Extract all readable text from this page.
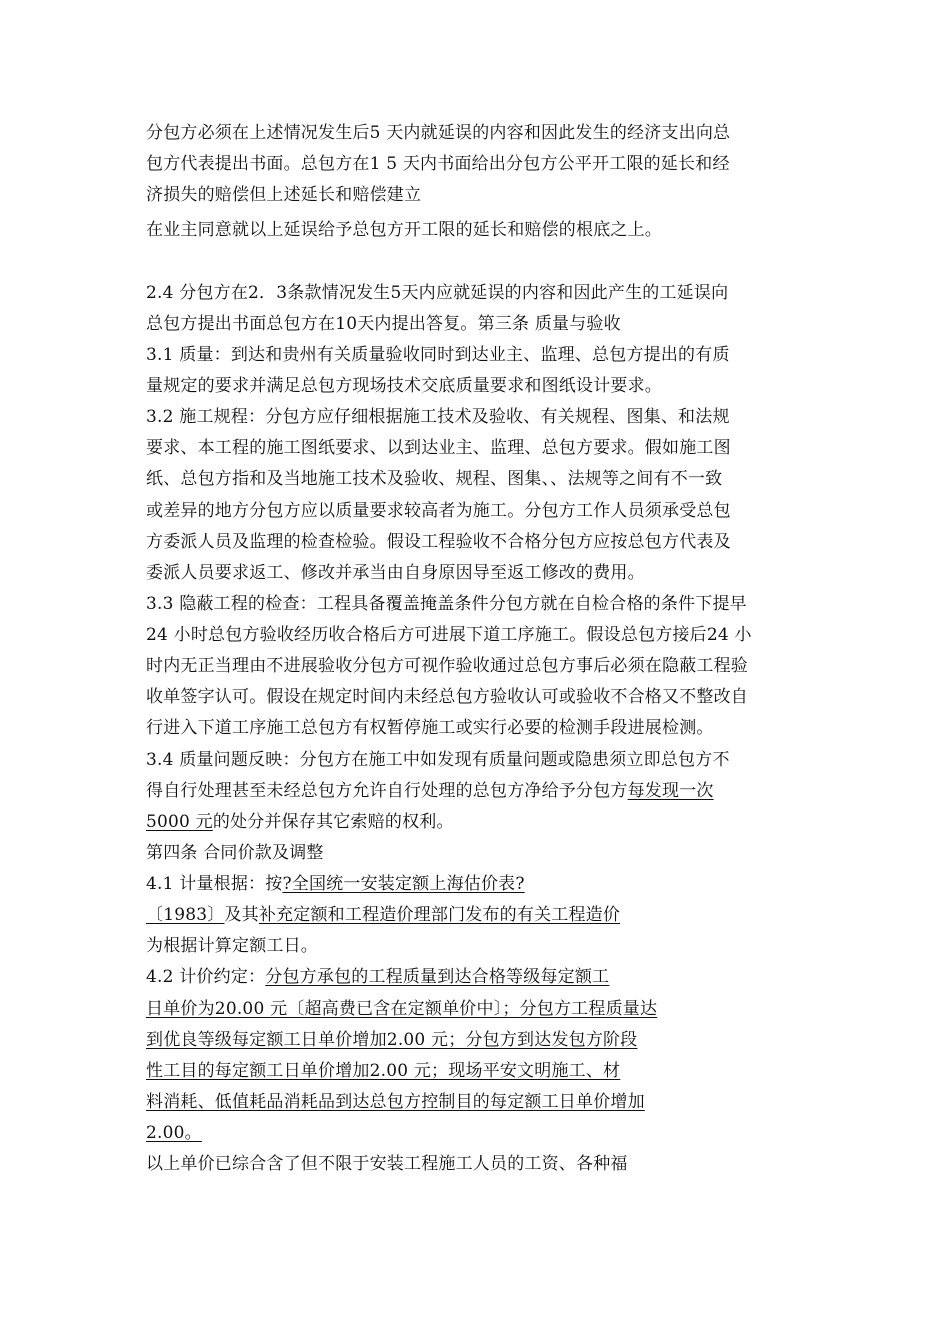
分包方必须在上述情况发生后5 天内就延误的内容和因此发生的经济支出向总
包方代表提出书面。总包方在1 5 天内书面给出分包方公平开工限的延长和经
济损失的赔偿但上述延长和赔偿建立
在业主同意就以上延误给予总包方开工限的延长和赔偿的根底之上。
2.4 分包方在2．3条款情况发生5天内应就延误的内容和因此产生的工延误向
总包方提出书面总包方在10天内提出答复。第三条 质量与验收
3.1 质量：到达和贵州有关质量验收同时到达业主、监理、总包方提出的有质
量规定的要求并满足总包方现场技术交底质量要求和图纸设计要求。
3.2 施工规程：分包方应仔细根据施工技术及验收、有关规程、图集、和法规
要求、本工程的施工图纸要求、以到达业主、监理、总包方要求。假如施工图
纸、总包方指和及当地施工技术及验收、规程、图集、、法规等之间有不一致
或差异的地方分包方应以质量要求较高者为施工。分包方工作人员须承受总包
方委派人员及监理的检查检验。假设工程验收不合格分包方应按总包方代表及
委派人员要求返工、修改并承当由自身原因导至返工修改的费用。
3.3 隐蔽工程的检查：工程具备覆盖掩盖条件分包方就在自检合格的条件下提早
24 小时总包方验收经历收合格后方可进展下道工序施工。假设总包方接后24 小
时内无正当理由不进展验收分包方可视作验收通过总包方事后必须在隐蔽工程验
收单签字认可。假设在规定时间内未经总包方验收认可或验收不合格又不整改自
行进入下道工序施工总包方有权暂停施工或实行必要的检测手段进展检测。
3.4 质量问题反映：分包方在施工中如发现有质量问题或隐患须立即总包方不
得自行处理甚至未经总包方允许自行处理的总包方净给予分包方每发现一次
5000 元的处分并保存其它索赔的权利。
第四条 合同价款及调整
4.1 计量根据：按?全国统一安装定额上海估价表?
〔1983〕及其补充定额和工程造价理部门发布的有关工程造价
为根据计算定额工日。
4.2 计价约定：分包方承包的工程质量到达合格等级每定额工
日单价为20.00 元〔超高费已含在定额单价中〕；分包方工程质量达
到优良等级每定额工日单价增加2.00 元；分包方到达发包方阶段
性工目的每定额工日单价增加2.00 元；现场平安文明施工、材
料消耗、低值耗品消耗品到达总包方控制目的每定额工日单价增加
2.00。
以上单价已综合含了但不限于安装工程施工人员的工资、各种福
